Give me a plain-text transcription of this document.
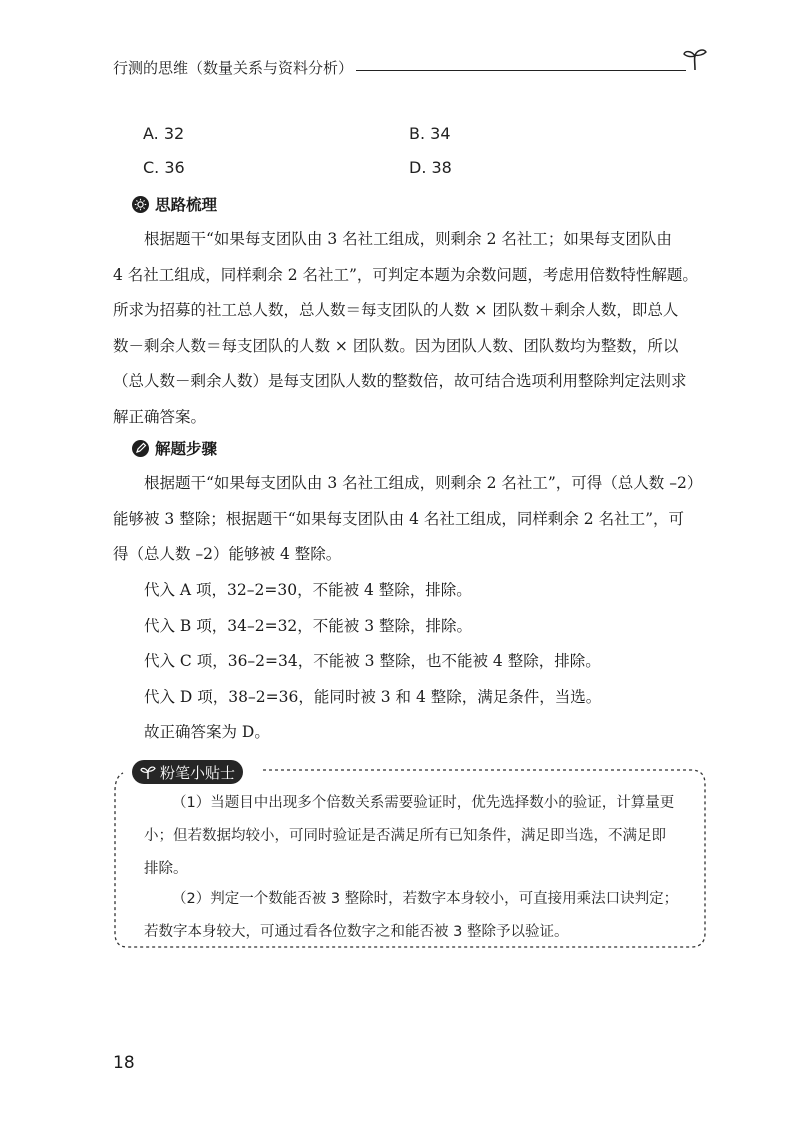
行测的思维（数量关系与资料分析）
A. 32	B. 34
C. 36	D. 38
思路梳理
根据题干“如果每支团队由 3 名社工组成，则剩余 2 名社工；如果每支团队由
4 名社工组成，同样剩余 2 名社工”，可判定本题为余数问题，考虑用倍数特性解题。
所求为招募的社工总人数，总人数＝每支团队的人数 × 团队数＋剩余人数，即总人
数－剩余人数＝每支团队的人数 × 团队数。因为团队人数、团队数均为整数，所以
（总人数－剩余人数）是每支团队人数的整数倍，故可结合选项利用整除判定法则求
解正确答案。
解题步骤
根据题干“如果每支团队由 3 名社工组成，则剩余 2 名社工”，可得（总人数 –2）
能够被 3 整除；根据题干“如果每支团队由 4 名社工组成，同样剩余 2 名社工”，可
得（总人数 –2）能够被 4 整除。
代入 A 项，32–2=30，不能被 4 整除，排除。
代入 B 项，34–2=32，不能被 3 整除，排除。
代入 C 项，36–2=34，不能被 3 整除，也不能被 4 整除，排除。
代入 D 项，38–2=36，能同时被 3 和 4 整除，满足条件，当选。
故正确答案为 D。
粉笔小贴士
（1）当题目中出现多个倍数关系需要验证时，优先选择数小的验证，计算量更
小；但若数据均较小，可同时验证是否满足所有已知条件，满足即当选，不满足即
排除。
（2）判定一个数能否被 3 整除时，若数字本身较小，可直接用乘法口诀判定；
若数字本身较大，可通过看各位数字之和能否被 3 整除予以验证。
18
